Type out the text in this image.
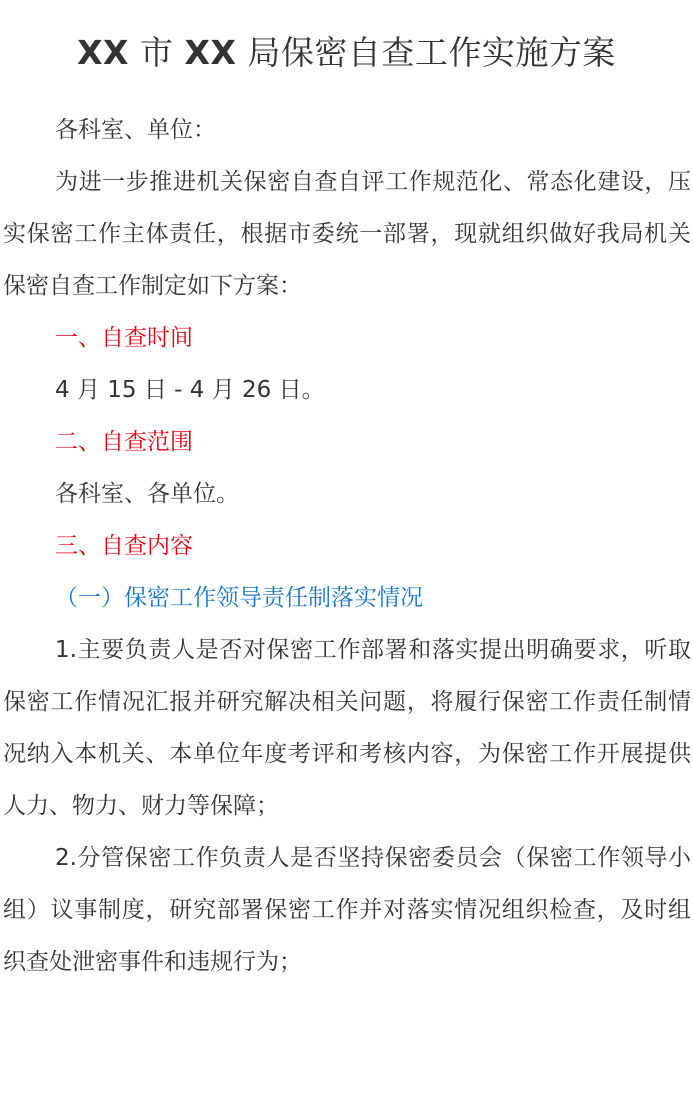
XX 市 XX 局保密自查工作实施方案

各科室、单位：

为进一步推进机关保密自查自评工作规范化、常态化建设，压实保密工作主体责任，根据市委统一部署，现就组织做好我局机关保密自查工作制定如下方案：

一、自查时间

4 月 15 日 - 4 月 26 日。

二、自查范围

各科室、各单位。

三、自查内容

（一）保密工作领导责任制落实情况

1.主要负责人是否对保密工作部署和落实提出明确要求，听取保密工作情况汇报并研究解决相关问题，将履行保密工作责任制情况纳入本机关、本单位年度考评和考核内容，为保密工作开展提供人力、物力、财力等保障；

2.分管保密工作负责人是否坚持保密委员会（保密工作领导小组）议事制度，研究部署保密工作并对落实情况组织检查，及时组织查处泄密事件和违规行为；
